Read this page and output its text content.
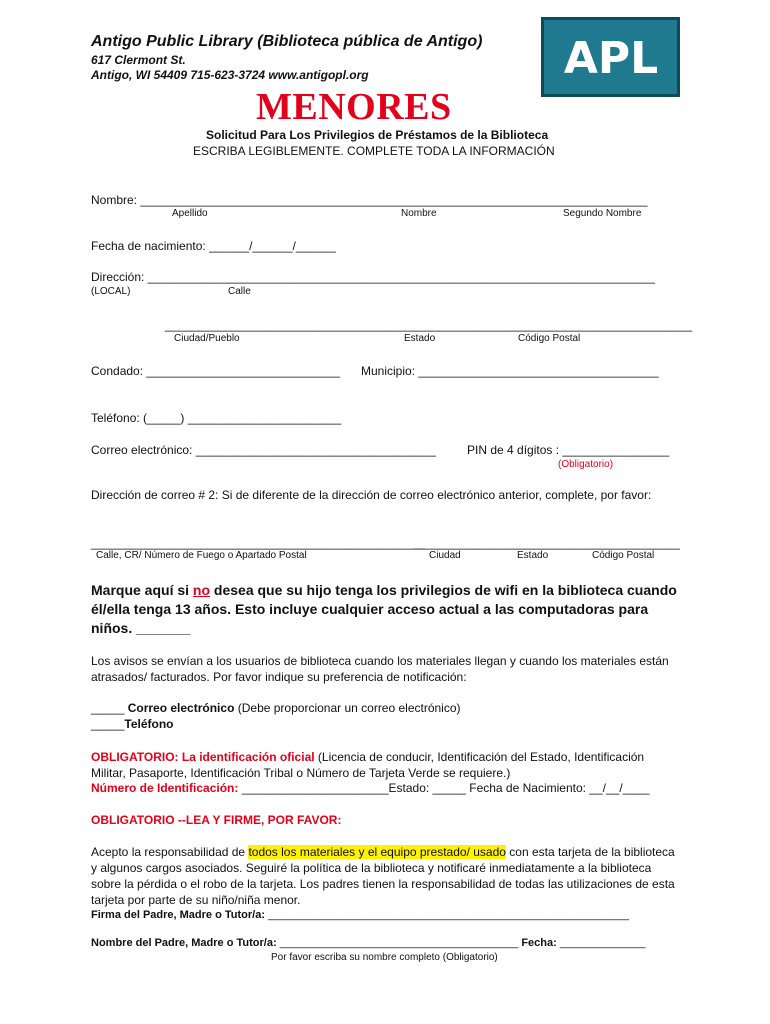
Antigo Public Library (Biblioteca pública de Antigo)
617 Clermont St.
Antigo, WI 54409 715-623-3724 www.antigopl.org	APL
MENORES
Solicitud Para Los Privilegios de Préstamos de la Biblioteca
ESCRIBA LEGIBLEMENTE. COMPLETE TODA LA INFORMACIÓN
Nombre: ____________________________________________________________________________
Apellido	Nombre	Segundo Nombre
Fecha de nacimiento: ______/______/______
Dirección: ____________________________________________________________________________
(LOCAL)	Calle
_______________________________________________________________________________
Ciudad/Pueblo	Estado	Código Postal
Condado: _____________________________ Municipio: ____________________________________
Teléfono: (_____) _______________________
Correo electrónico: ____________________________________	PIN de 4 dígitos : ________________
(Obligatorio)
Dirección de correo # 2: Si de diferente de la dirección de correo electrónico anterior, complete, por favor:
__________________________________________________
________________________________________
Calle, CR/ Número de Fuego o Apartado Postal	Ciudad	Estado	Código Postal
Marque aquí si no desea que su hijo tenga los privilegios de wifi en la biblioteca cuando él/ella tenga 13 años. Esto incluye cualquier acceso actual a las computadoras para niños. _______
Los avisos se envían a los usuarios de biblioteca cuando los materiales llegan y cuando los materiales están atrasados/ facturados. Por favor indique su preferencia de notificación:
_____ Correo electrónico (Debe proporcionar un correo electrónico)
_____Teléfono
OBLIGATORIO: La identificación oficial (Licencia de conducir, Identificación del Estado, Identificación Militar, Pasaporte, Identificación Tribal o Número de Tarjeta Verde se requiere.)
Número de Identificación: ______________________Estado: _____ Fecha de Nacimiento: __/__/____
OBLIGATORIO --LEA Y FIRME, POR FAVOR:
Acepto la responsabilidad de todos los materiales y el equipo prestado/ usado con esta tarjeta de la biblioteca y algunos cargos asociados. Seguiré la política de la biblioteca y notificaré inmediatamente a la biblioteca sobre la pérdida o el robo de la tarjeta. Los padres tienen la responsabilidad de todas las utilizaciones de esta tarjeta por parte de su niño/niña menor.
Firma del Padre, Madre o Tutor/a: ___________________________________________________________
Nombre del Padre, Madre o Tutor/a: _______________________________________ Fecha: ______________
Por favor escriba su nombre completo (Obligatorio)
